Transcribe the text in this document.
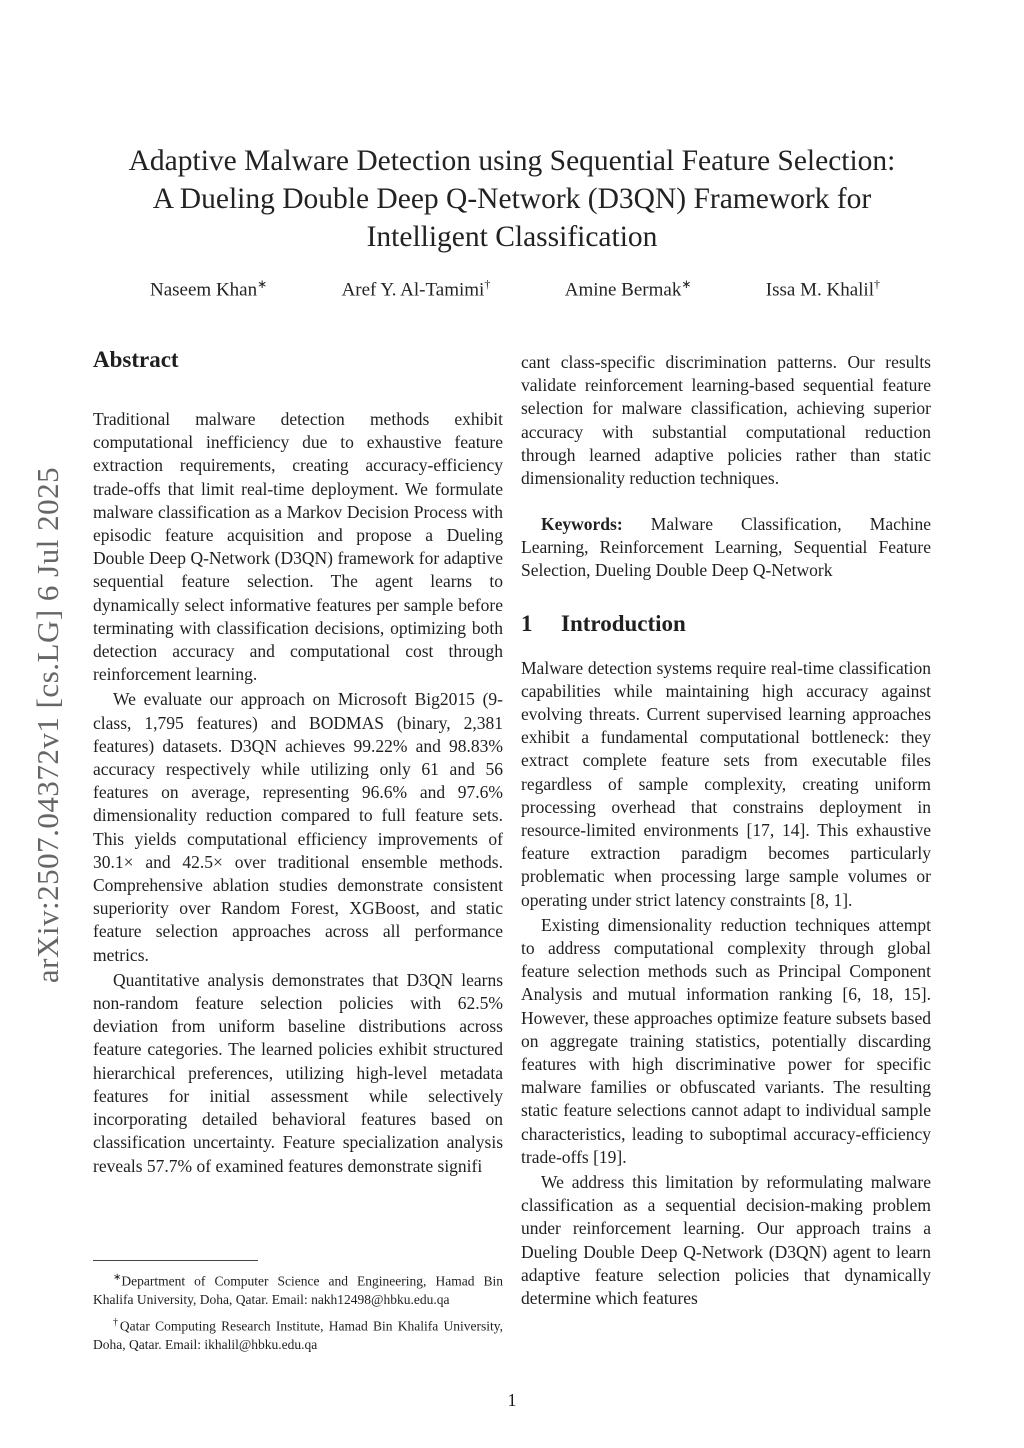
arXiv:2507.04372v1 [cs.LG] 6 Jul 2025
Adaptive Malware Detection using Sequential Feature Selection:
A Dueling Double Deep Q-Network (D3QN) Framework for
Intelligent Classification
Naseem Khan∗	Aref Y. Al-Tamimi†	Amine Bermak∗	Issa M. Khalil†
Abstract

Traditional malware detection methods exhibit computational inefficiency due to exhaustive feature extraction requirements, creating accuracy-efficiency trade-offs that limit real-time deployment. We formulate malware classification as a Markov Decision Process with episodic feature acquisition and propose a Dueling Double Deep Q-Network (D3QN) framework for adaptive sequential feature selection. The agent learns to dynamically select informative features per sample before terminating with classification decisions, optimizing both detection accuracy and computational cost through reinforcement learning.

We evaluate our approach on Microsoft Big2015 (9-class, 1,795 features) and BODMAS (binary, 2,381 features) datasets. D3QN achieves 99.22% and 98.83% accuracy respectively while utilizing only 61 and 56 features on average, representing 96.6% and 97.6% dimensionality reduction compared to full feature sets. This yields computational efficiency improvements of 30.1× and 42.5× over traditional ensemble methods. Comprehensive ablation studies demonstrate consistent superiority over Random Forest, XGBoost, and static feature selection approaches across all performance metrics.

Quantitative analysis demonstrates that D3QN learns non-random feature selection policies with 62.5% deviation from uniform baseline distributions across feature categories. The learned policies exhibit structured hierarchical preferences, utilizing high-level metadata features for initial assessment while selectively incorporating detailed behavioral features based on classification uncertainty. Feature specialization analysis reveals 57.7% of examined features demonstrate signifi

∗Department of Computer Science and Engineering, Hamad Bin Khalifa University, Doha, Qatar. Email: nakh12498@hbku.edu.qa

†Qatar Computing Research Institute, Hamad Bin Khalifa University, Doha, Qatar. Email: ikhalil@hbku.edu.qa

cant class-specific discrimination patterns. Our results validate reinforcement learning-based sequential feature selection for malware classification, achieving superior accuracy with substantial computational reduction through learned adaptive policies rather than static dimensionality reduction techniques.

Keywords: Malware Classification, Machine Learning, Reinforcement Learning, Sequential Feature Selection, Dueling Double Deep Q-Network

1 Introduction

Malware detection systems require real-time classification capabilities while maintaining high accuracy against evolving threats. Current supervised learning approaches exhibit a fundamental computational bottleneck: they extract complete feature sets from executable files regardless of sample complexity, creating uniform processing overhead that constrains deployment in resource-limited environments [17, 14]. This exhaustive feature extraction paradigm becomes particularly problematic when processing large sample volumes or operating under strict latency constraints [8, 1].

Existing dimensionality reduction techniques attempt to address computational complexity through global feature selection methods such as Principal Component Analysis and mutual information ranking [6, 18, 15]. However, these approaches optimize feature subsets based on aggregate training statistics, potentially discarding features with high discriminative power for specific malware families or obfuscated variants. The resulting static feature selections cannot adapt to individual sample characteristics, leading to suboptimal accuracy-efficiency trade-offs [19].

We address this limitation by reformulating malware classification as a sequential decision-making problem under reinforcement learning. Our approach trains a Dueling Double Deep Q-Network (D3QN) agent to learn adaptive feature selection policies that dynamically determine which features

1
